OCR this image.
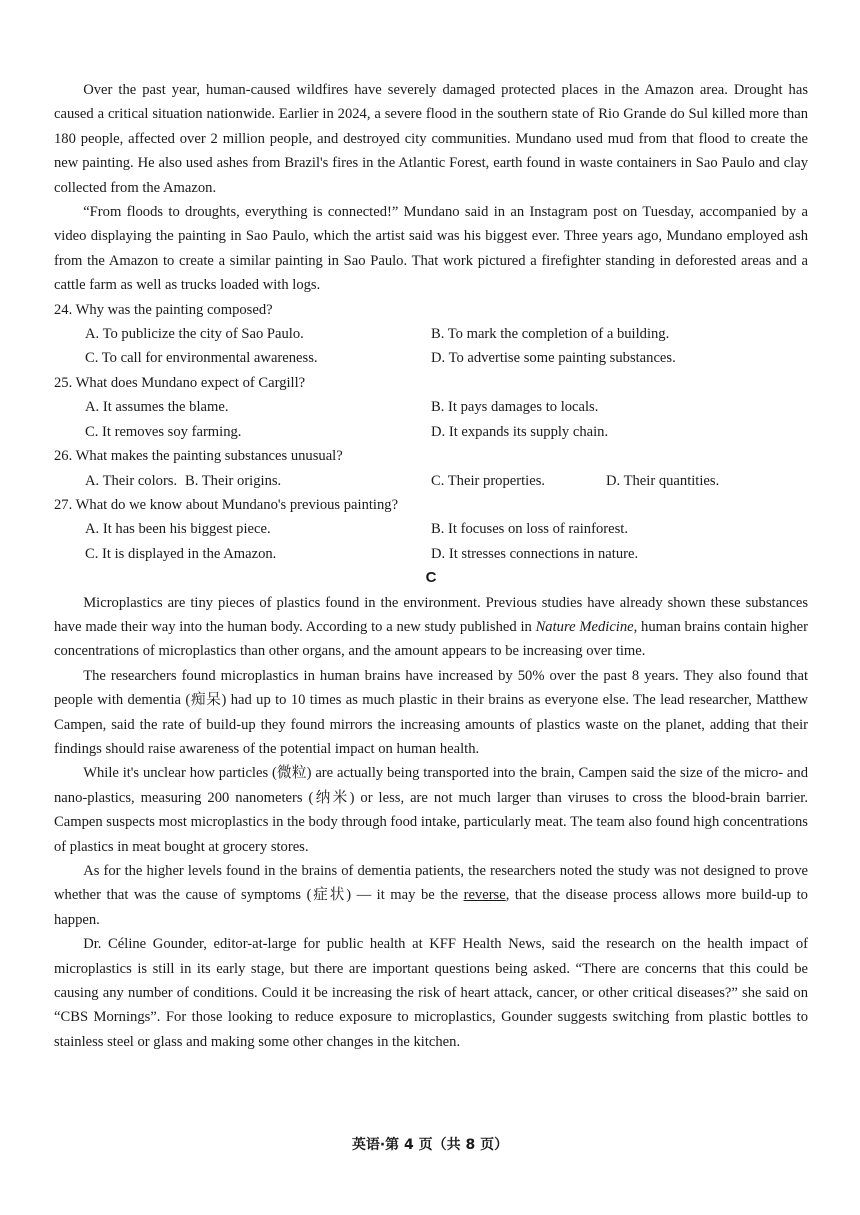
Over the past year, human-caused wildfires have severely damaged protected places in the Amazon area. Drought has caused a critical situation nationwide. Earlier in 2024, a severe flood in the southern state of Rio Grande do Sul killed more than 180 people, affected over 2 million people, and destroyed city communities. Mundano used mud from that flood to create the new painting. He also used ashes from Brazil's fires in the Atlantic Forest, earth found in waste containers in Sao Paulo and clay collected from the Amazon.

“From floods to droughts, everything is connected!” Mundano said in an Instagram post on Tuesday, accompanied by a video displaying the painting in Sao Paulo, which the artist said was his biggest ever. Three years ago, Mundano employed ash from the Amazon to create a similar painting in Sao Paulo. That work pictured a firefighter standing in deforested areas and a cattle farm as well as trucks loaded with logs.

24. Why was the painting composed?
A. To publicize the city of Sao Paulo.	B. To mark the completion of a building.
C. To call for environmental awareness.	D. To advertise some painting substances.
25. What does Mundano expect of Cargill?
A. It assumes the blame.	B. It pays damages to locals.
C. It removes soy farming.	D. It expands its supply chain.
26. What makes the painting substances unusual?
A. Their colors. B. Their origins.	C. Their properties.	D. Their quantities.
27. What do we know about Mundano's previous painting?
A. It has been his biggest piece.	B. It focuses on loss of rainforest.
C. It is displayed in the Amazon.	D. It stresses connections in nature.
C

Microplastics are tiny pieces of plastics found in the environment. Previous studies have already shown these substances have made their way into the human body. According to a new study published in Nature Medicine, human brains contain higher concentrations of microplastics than other organs, and the amount appears to be increasing over time.

The researchers found microplastics in human brains have increased by 50% over the past 8 years. They also found that people with dementia (痴呆) had up to 10 times as much plastic in their brains as everyone else. The lead researcher, Matthew Campen, said the rate of build-up they found mirrors the increasing amounts of plastics waste on the planet, adding that their findings should raise awareness of the potential impact on human health.

While it's unclear how particles (微粒) are actually being transported into the brain, Campen said the size of the micro- and nano-plastics, measuring 200 nanometers (纳米) or less, are not much larger than viruses to cross the blood-brain barrier. Campen suspects most microplastics in the body through food intake, particularly meat. The team also found high concentrations of plastics in meat bought at grocery stores.

As for the higher levels found in the brains of dementia patients, the researchers noted the study was not designed to prove whether that was the cause of symptoms (症状) — it may be the reverse, that the disease process allows more build-up to happen.

Dr. Céline Gounder, editor-at-large for public health at KFF Health News, said the research on the health impact of microplastics is still in its early stage, but there are important questions being asked. “There are concerns that this could be causing any number of conditions. Could it be increasing the risk of heart attack, cancer, or other critical diseases?” she said on “CBS Mornings”. For those looking to reduce exposure to microplastics, Gounder suggests switching from plastic bottles to stainless steel or glass and making some other changes in the kitchen.

英语·第 4 页（共 8 页）
